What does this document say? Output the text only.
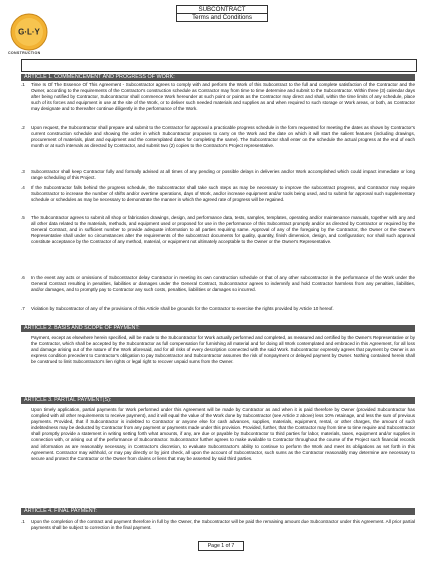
G·L·Y
CONSTRUCTION
SUBCONTRACT
Terms and Conditions
ARTICLE 1. COMMENCEMENT AND PROGRESS OF WORK:
.1	Time Is Of The Essence Of This Agreement - Subcontractor agrees to comply with and perform the Work of this Subcontract to the full and complete satisfaction of the Contractor and the Owner, according to the requirements of the Contractor's construction schedule as Contractor may from time to time determine and submit to the Subcontractor. Within three (3) calendar days after being notified by Contractor, Subcontractor shall commence Work hereunder at such point or points as the Contractor may direct and shall, within the time limits of any schedule, place such of its forces and equipment in use at the site of the Work, or to deliver such needed materials and supplies as and when required to such storage or Work areas, or both, as Contractor may designate and to thereafter continue diligently in the performance of the Work.
.2	Upon request, the Subcontractor shall prepare and submit to the Contractor for approval a practicable progress schedule in the form requested for meeting the dates as shown by Contractor's current construction schedule and showing the order in which Subcontractor proposes to carry on the Work and the date on which it will start the salient features (including drawings, procurement of materials, plant and equipment and the contemplated dates for completing the same). The Subcontractor shall enter on the schedule the actual progress at the end of each month or at such intervals as directed by Contractor, and submit two (2) copies to the Contractor's Project representative.
.3	Subcontractor shall keep Contractor fully and formally advised at all times of any pending or possible delays in deliveries and/or Work accomplished which could impact immediate or long range scheduling of this Project.
.4	If the Subcontractor falls behind the progress schedule, the Subcontractor shall take such steps as may be necessary to improve the subcontract progress, and Contractor may require Subcontractor to increase the number of shifts and/or overtime operations, days of Work, and/or increase equipment and/or tools being used, and to submit for approval such supplementary schedule or schedules as may be necessary to demonstrate the manner in which the agreed rate of progress will be regained.
.5	The Subcontractor agrees to submit all shop or fabrication drawings, design, and performance data, tests, samples, templates, operating and/or maintenance manuals, together with any and all other data related to the materials, methods, and equipment used or proposed for use in the performance of this Subcontract promptly and/or as directed by Contractor or required by the General Contract, and in sufficient number to provide adequate information to all parties requiring same. Approval of any of the foregoing by the Contractor, the Owner or the Owner's Representative shall under no circumstances alter the requirements of the subcontract documents for quality, quantity, finish dimension, design, and configuration; nor shall such approval constitute acceptance by the Contractor of any method, material, or equipment not ultimately acceptable to the Owner or the Owner's Representative.
.6	In the event any acts or omissions of Subcontractor delay Contractor in meeting its own construction schedule or that of any other subcontractor in the performance of the Work under the General Contract resulting in penalties, liabilities or damages under the General Contract, Subcontractor agrees to indemnify and hold Contractor harmless from any penalties, liabilities, and/or damages, and to promptly pay to Contractor any such costs, penalties, liabilities or damages so incurred.
.7	Violation by Subcontractor of any of the provisions of this Article shall be grounds for the Contractor to exercise the rights provided by Article 10 hereof.
ARTICLE 2. BASIS AND SCOPE OF PAYMENT:
Payment, except as elsewhere herein specified, will be made to the Subcontractor for Work actually performed and completed, as measured and certified by the Owner's Representative or by the Contractor, which shall be accepted by the Subcontractor as full compensation for furnishing all material and for doing all Work contemplated and embraced in this Agreement, for all loss and damage arising out of the nature of the Work aforesaid, and for all risks of every description connected with the said Work. Subcontractor expressly agrees that payment by Owner is an express condition precedent to Contractor's obligation to pay Subcontractor and Subcontractor assumes the risk of nonpayment or delayed payment by Owner. Nothing contained herein shall be construed to limit Subcontractor's lien rights or legal right to recover unpaid sums from the Owner.
ARTICLE 3. PARTIAL PAYMENT(S):
Upon timely application, partial payments for Work performed under this Agreement will be made by Contractor as and when it is paid therefore by Owner (provided Subcontractor has complied with all other requirements to receive payment), and it will equal the value of the Work done by Subcontractor (see Article 2 above) less 10% retainage, and less the sum of previous payments. Provided, that if Subcontractor is indebted to Contractor or anyone else for cash advances, supplies, materials, equipment, rental, or other charges, the amount of such indebtedness may be deducted by Contractor from any payment or payments made under this provision. Provided, further, that the Contractor may from time to time require and Subcontractor shall promptly provide a statement in writing setting forth what amounts, if any, are due or payable by Subcontractor to third parties for labor, materials, taxes, equipment and/or supplies in connection with, or arising out of the performance of Subcontractor. Subcontractor further agrees to make available to Contractor throughout the course of the Project such financial records and information as are reasonably necessary, in Contractor's discretion, to evaluate Subcontractor's ability to continue to perform the Work and meet its obligations as set forth in this Agreement. Contractor may withhold, or may pay directly or by joint check, all upon the account of Subcontractor, such sums as the Contractor reasonably may determine are necessary to secure and protect the Contractor or the Owner from claims or liens that may be asserted by said third parties.
ARTICLE 4. FINAL PAYMENT:
.1	Upon the completion of the contract and payment therefore in full by the Owner, the Subcontractor will be paid the remaining amount due Subcontractor under this Agreement. All prior partial payments shall be subject to correction in the final payment.
Page 1 of 7
